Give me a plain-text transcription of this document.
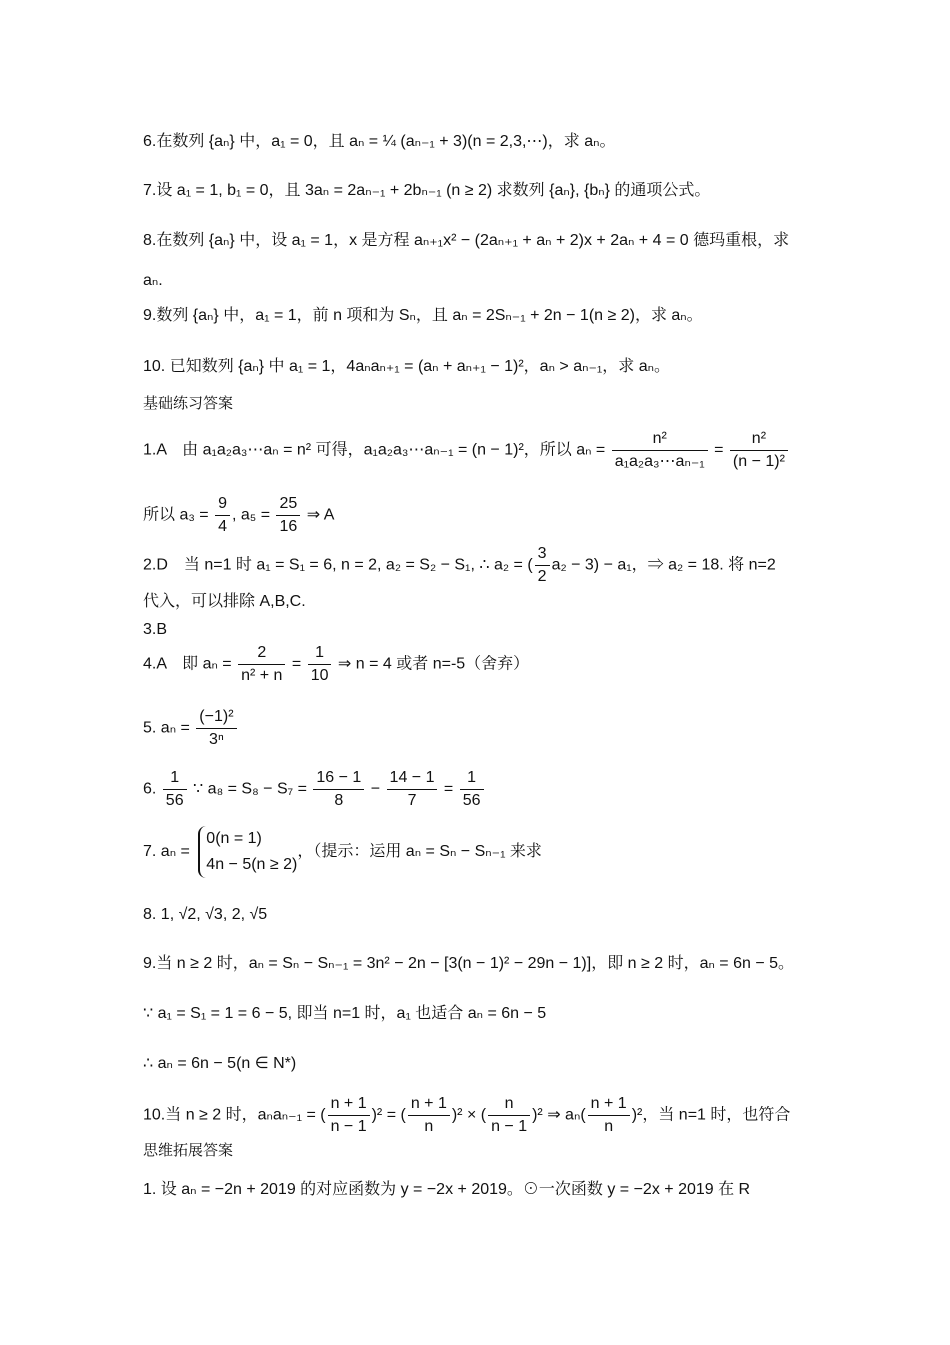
6.在数列 {aₙ} 中，a₁ = 0，且 aₙ = ¼ (aₙ₋₁ + 3)(n = 2,3,⋯)，求 aₙ。
7.设 a₁ = 1, b₁ = 0，且 3aₙ = 2aₙ₋₁ + 2bₙ₋₁ (n ≥ 2) 求数列 {aₙ}, {bₙ} 的通项公式。
8.在数列 {aₙ} 中，设 a₁ = 1，x 是方程 aₙ₊₁x² − (2aₙ₊₁ + aₙ + 2)x + 2aₙ + 4 = 0 德玛重根，求
aₙ.
9.数列 {aₙ} 中，a₁ = 1，前 n 项和为 Sₙ，且 aₙ = 2Sₙ₋₁ + 2n − 1(n ≥ 2)，求 aₙ。
10. 已知数列 {aₙ} 中 a₁ = 1，4aₙaₙ₊₁ = (aₙ + aₙ₊₁ − 1)²，aₙ > aₙ₋₁，求 aₙ。
基础练习答案
1.A　由 a₁a₂a₃⋯aₙ = n² 可得，a₁a₂a₃⋯aₙ₋₁ = (n − 1)²，所以 $a_n = \frac{\text{n²}}{\text{a₁a₂a₃⋯aₙ₋₁}} = \frac{\text{n²}}{\text{(n − 1)²}}$
所以 $a_3 = \frac{9}{4}$ , $a_5 = \frac{25}{16}$ ⇒ A
2.D　当 n=1 时 a₁ = S₁ = 6, n = 2, a₂ = S₂ − S₁, ∴ a₂ = ( $\frac{3}{2} a_2 - 3) - a_1$，⇒ a₂ = 18. 将 n=2
代入，可以排除 A,B,C.
3.B
4.A　即 $a_n = \frac{2}{\text{n² + n}} = \frac{1}{10}$ ⇒ n = 4 或者 n=-5（舍弃）
5. $a_n = \frac{\text{(−1)²}}{\text{3ⁿ}}$
6. $\frac{1}{56}$ ∵ $a_8 = S_8 - S_7 = \frac{16 - 1}{8} - \frac{14 - 1}{7} = \frac{1}{56}$
7. aₙ =
0(n = 1)
4n − 5(n ≥ 2)
，（提示：运用 aₙ = Sₙ − Sₙ₋₁ 来求
8. 1, √2, √3, 2, √5
9.当 n ≥ 2 时，aₙ = Sₙ − Sₙ₋₁ = 3n² − 2n − [3(n − 1)² − 29n − 1)]，即 n ≥ 2 时，aₙ = 6n − 5。
∵ a₁ = S₁ = 1 = 6 − 5, 即当 n=1 时，a₁ 也适合 aₙ = 6n − 5
∴ aₙ = 6n − 5(n ∈ N*)
10.当 n ≥ 2 时，aₙaₙ₋₁ = ( $\frac{n + 1}{n - 1} )^2$ = ( $\frac{n + 1}{n} )^2$ × ( $\frac{n}{n - 1} )^2$ ⇒ $a_n( \frac{n + 1}{n} )^2$，当 n=1 时，也符合
思维拓展答案
1. 设 aₙ = −2n + 2019 的对应函数为 y = −2x + 2019。⊙一次函数 y = −2x + 2019 在 R
